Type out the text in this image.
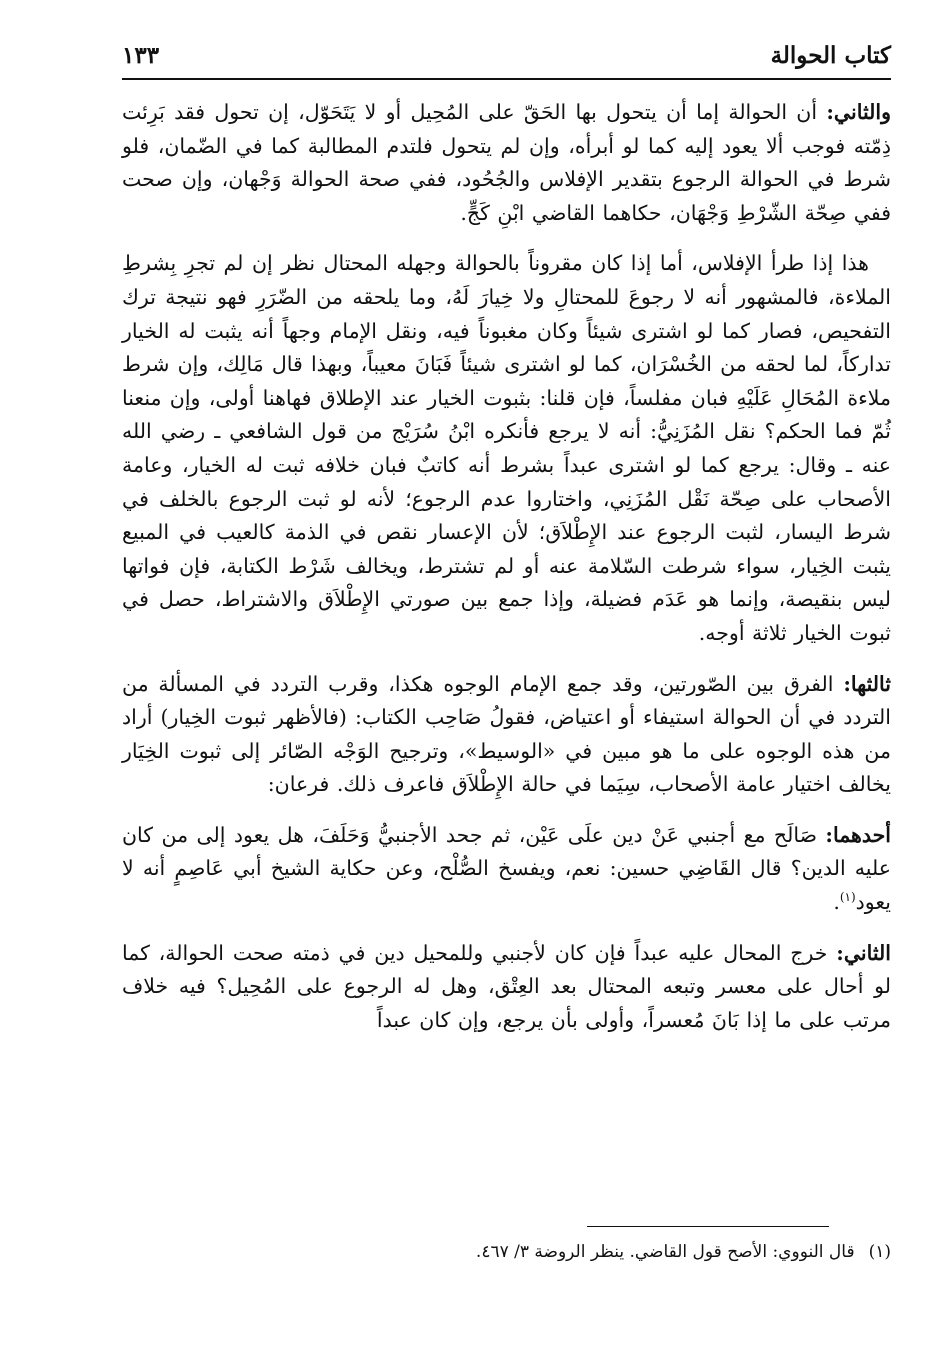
كتاب الحوالة
١٣٣

والثاني: أن الحوالة إما أن يتحول بها الحَقّ على المُحِيل أو لا يَتَحَوّل، إن تحول فقد بَرِئت ذِمّته فوجب ألا يعود إليه كما لو أبرأه، وإن لم يتحول فلتدم المطالبة كما في الضّمان، فلو شرط في الحوالة الرجوع بتقدير الإفلاس والجُحُود، ففي صحة الحوالة وَجْهان، وإن صحت ففي صِحّة الشّرْطِ وَجْهَان، حكاهما القاضي ابْنِ كَجٍّ.

هذا إذا طرأ الإفلاس، أما إذا كان مقروناً بالحوالة وجهله المحتال نظر إن لم تجرِ بِشرطِ الملاءة، فالمشهور أنه لا رجوعَ للمحتالِ ولا خِيارَ لَهُ، وما يلحقه من الضّرَرِ فهو نتيجة ترك التفحيص، فصار كما لو اشترى شيئاً وكان مغبوناً فيه، ونقل الإمام وجهاً أنه يثبت له الخيار تداركاً، لما لحقه من الخُسْرَان، كما لو اشترى شيئاً فَبَانَ معيباً، وبهذا قال مَالِك، وإن شرط ملاءة المُحَالِ عَلَيْهِ فبان مفلساً، فإن قلنا: بثبوت الخيار عند الإطلاق فهاهنا أولى، وإن منعنا ثُمّ فما الحكم؟ نقل المُزَنِيُّ: أنه لا يرجع فأنكره ابْنُ سُرَيْج من قول الشافعي ـ رضي الله عنه ـ وقال: يرجع كما لو اشترى عبداً بشرط أنه كاتبٌ فبان خلافه ثبت له الخيار، وعامة الأصحاب على صِحّة نَقْل المُزَنِي، واختاروا عدم الرجوع؛ لأنه لو ثبت الرجوع بالخلف في شرط اليسار، لثبت الرجوع عند الإِطْلاَق؛ لأن الإعسار نقص في الذمة كالعيب في المبيع يثبت الخِيار، سواء شرطت السّلامة عنه أو لم تشترط، ويخالف شَرْط الكتابة، فإن فواتها ليس بنقيصة، وإنما هو عَدَم فضيلة، وإذا جمع بين صورتي الإِطْلاَق والاشتراط، حصل في ثبوت الخيار ثلاثة أوجه.

ثالثها: الفرق بين الصّورتين، وقد جمع الإمام الوجوه هكذا، وقرب التردد في المسألة من التردد في أن الحوالة استيفاء أو اعتياض، فقولُ صَاحِب الكتاب: (فالأظهر ثبوت الخِيار) أراد من هذه الوجوه على ما هو مبين في «الوسيط»، وترجيح الوَجْه الصّائر إلى ثبوت الخِيَار يخالف اختيار عامة الأصحاب، سِيَما في حالة الإِطْلاَق فاعرف ذلك. فرعان:

أحدهما: صَالَح مع أجنبي عَنْ دين علَى عَيْن، ثم جحد الأجنبيُّ وَحَلَفَ، هل يعود إلى من كان عليه الدين؟ قال القَاضِي حسين: نعم، ويفسخ الصُّلْح، وعن حكاية الشيخ أبي عَاصِمٍ أنه لا يعود$^{(١)}$.

الثاني: خرج المحال عليه عبداً فإن كان لأجنبي وللمحيل دين في ذمته صحت الحوالة، كما لو أحال على معسر وتبعه المحتال بعد العِتْق، وهل له الرجوع على المُحِيل؟ فيه خلاف مرتب على ما إذا بَانَ مُعسراً، وأولى بأن يرجع، وإن كان عبداً

(١)قال النووي: الأصح قول القاضي. ينظر الروضة ٣/ ٤٦٧.
